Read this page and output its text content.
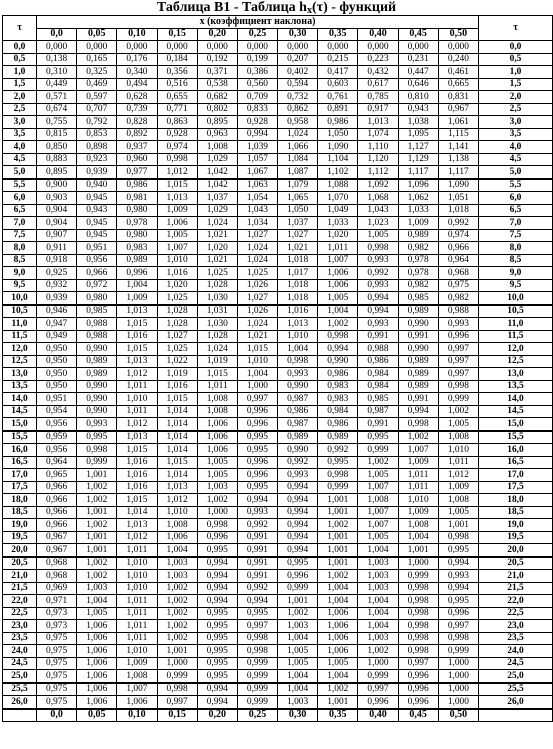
Таблица В1 - Таблица $h_x(\tau)$ - функций
τ	x (коэффициент наклона)											τ
	0,0	0,05	0,10	0,15	0,20	0,25	0,30	0,35	0,40	0,45	0,50	
0,0	0,000	0,000	0,000	0,000	0,000	0,000	0,000	0,000	0,000	0,000	0,000	0,0
0,5	0,138	0,165	0,176	0,184	0,192	0,199	0,207	0,215	0,223	0,231	0,240	0,5
1,0	0,310	0,325	0,340	0,356	0,371	0,386	0,402	0,417	0,432	0,447	0,461	1,0
1,5	0,449	0,469	0,494	0,516	0,538	0,560	0,594	0,603	0,617	0,646	0,665	1,5
2,0	0,571	0,597	0,628	0,655	0,682	0,709	0,732	0,761	0,785	0,810	0,831	2,0
2,5	0,674	0,707	0,739	0,771	0,802	0,833	0,862	0,891	0,917	0,943	0,967	2,5
3,0	0,755	0,792	0,828	0,863	0,895	0,928	0,958	0,986	1,013	1,038	1,061	3,0
3,5	0,815	0,853	0,892	0,928	0,963	0,994	1,024	1,050	1,074	1,095	1,115	3,5
4,0	0,850	0,898	0,937	0,974	1,008	1,039	1,066	1,090	1,110	1,127	1,141	4,0
4,5	0,883	0,923	0,960	0,998	1,029	1,057	1,084	1,104	1,120	1,129	1,138	4,5
5,0	0,895	0,939	0,977	1,012	1,042	1,067	1,087	1,102	1,112	1,117	1,117	5,0
5,5	0,900	0,940	0,986	1,015	1,042	1,063	1,079	1,088	1,092	1,096	1,090	5,5
6,0	0,903	0,945	0,981	1,013	1,037	1,054	1,065	1,070	1,068	1,062	1,051	6,0
6,5	0,904	0,943	0,980	1,009	1,029	1,043	1,050	1,049	1,043	1,033	1,018	6,5
7,0	0,904	0,945	0,978	1,006	1,024	1,034	1,037	1,033	1,023	1,009	0,992	7,0
7,5	0,907	0,945	0,980	1,005	1,021	1,027	1,027	1,020	1,005	0,989	0,974	7,5
8,0	0,911	0,951	0,983	1,007	1,020	1,024	1,021	1,011	0,998	0,982	0,966	8,0
8,5	0,918	0,956	0,989	1,010	1,021	1,024	1,018	1,007	0,993	0,978	0,964	8,5
9,0	0,925	0,966	0,996	1,016	1,025	1,025	1,017	1,006	0,992	0,978	0,968	9,0
9,5	0,932	0,972	1,004	1,020	1,028	1,026	1,018	1,006	0,993	0,982	0,975	9,5
10,0	0,939	0,980	1,009	1,025	1,030	1,027	1,018	1,005	0,994	0,985	0,982	10,0
10,5	0,946	0,985	1,013	1,028	1,031	1,026	1,016	1,004	0,994	0,989	0,988	10,5
11,0	0,947	0,988	1,015	1,028	1,030	1,024	1,013	1,002	0,993	0,990	0,993	11,0
11,5	0,949	0,988	1,016	1,027	1,028	1,021	1,010	0,998	0,991	0,991	0,996	11,5
12,0	0,950	0,990	1,015	1,025	1,024	1,015	1,004	0,994	0,988	0,990	0,997	12,0
12,5	0,950	0,989	1,013	1,022	1,019	1,010	0,998	0,990	0,986	0,989	0,997	12,5
13,0	0,950	0,989	1,012	1,019	1,015	1,004	0,993	0,986	0,984	0,989	0,997	13,0
13,5	0,950	0,990	1,011	1,016	1,011	1,000	0,990	0,983	0,984	0,989	0,998	13,5
14,0	0,951	0,990	1,010	1,015	1,008	0,997	0,987	0,983	0,985	0,991	0,999	14,0
14,5	0,954	0,990	1,011	1,014	1,008	0,996	0,986	0,984	0,987	0,994	1,002	14,5
15,0	0,956	0,993	1,012	1,014	1,006	0,996	0,987	0,986	0,991	0,998	1,005	15,0
15,5	0,959	0,995	1,013	1,014	1,006	0,995	0,989	0,989	0,995	1,002	1,008	15,5
16,0	0,956	0,998	1,015	1,014	1,006	0,995	0,990	0,992	0,999	1,007	1,010	16,0
16,5	0,964	0,999	1,016	1,015	1,005	0,996	0,992	0,995	1,002	1,009	1,011	16,5
17,0	0,965	1,001	1,016	1,014	1,005	0,996	0,993	0,998	1,005	1,011	1,012	17,0
17,5	0,966	1,002	1,016	1,013	1,003	0,995	0,994	0,999	1,007	1,011	1,009	17,5
18,0	0,966	1,002	1,015	1,012	1,002	0,994	0,994	1,001	1,008	1,010	1,008	18,0
18,5	0,966	1,001	1,014	1,010	1,000	0,993	0,994	1,001	1,007	1,009	1,005	18,5
19,0	0,966	1,002	1,013	1,008	0,998	0,992	0,994	1,002	1,007	1,008	1,001	19,0
19,5	0,967	1,001	1,012	1,006	0,996	0,991	0,994	1,001	1,005	1,004	0,998	19,5
20,0	0,967	1,001	1,011	1,004	0,995	0,991	0,994	1,001	1,004	1,001	0,995	20,0
20,5	0,968	1,002	1,010	1,003	0,994	0,991	0,995	1,001	1,003	1,000	0,994	20,5
21,0	0,968	1,002	1,010	1,003	0,994	0,991	0,996	1,002	1,003	0,999	0,993	21,0
21,5	0,969	1,003	1,010	1,002	0,994	0,992	0,999	1,004	1,003	0,998	0,994	21,5
22,0	0,971	1,004	1,011	1,002	0,994	0,994	1,001	1,004	1,004	0,998	0,995	22,0
22,5	0,973	1,005	1,011	1,002	0,995	0,995	1,002	1,006	1,004	0,998	0,996	22,5
23,0	0,973	1,006	1,011	1,002	0,995	0,997	1,003	1,006	1,004	0,998	0,997	23,0
23,5	0,975	1,006	1,011	1,002	0,995	0,998	1,004	1,006	1,003	0,998	0,998	23,5
24,0	0,975	1,006	1,010	1,001	0,995	0,998	1,005	1,006	1,002	0,998	0,999	24,0
24,5	0,975	1,006	1,009	1,000	0,995	0,999	1,005	1,005	1,000	0,997	1,000	24,5
25,0	0,975	1,006	1,008	0,999	0,995	0,999	1,004	1,004	0,999	0,996	1,000	25,0
25,5	0,975	1,006	1,007	0,998	0,994	0,999	1,004	1,002	0,997	0,996	1,000	25,5
26,0	0,975	1,006	1,006	0,997	0,994	0,999	1,003	1,001	0,996	0,996	1,000	26,0
	0,0	0,05	0,10	0,15	0,20	0,25	0,30	0,35	0,40	0,45	0,50	
